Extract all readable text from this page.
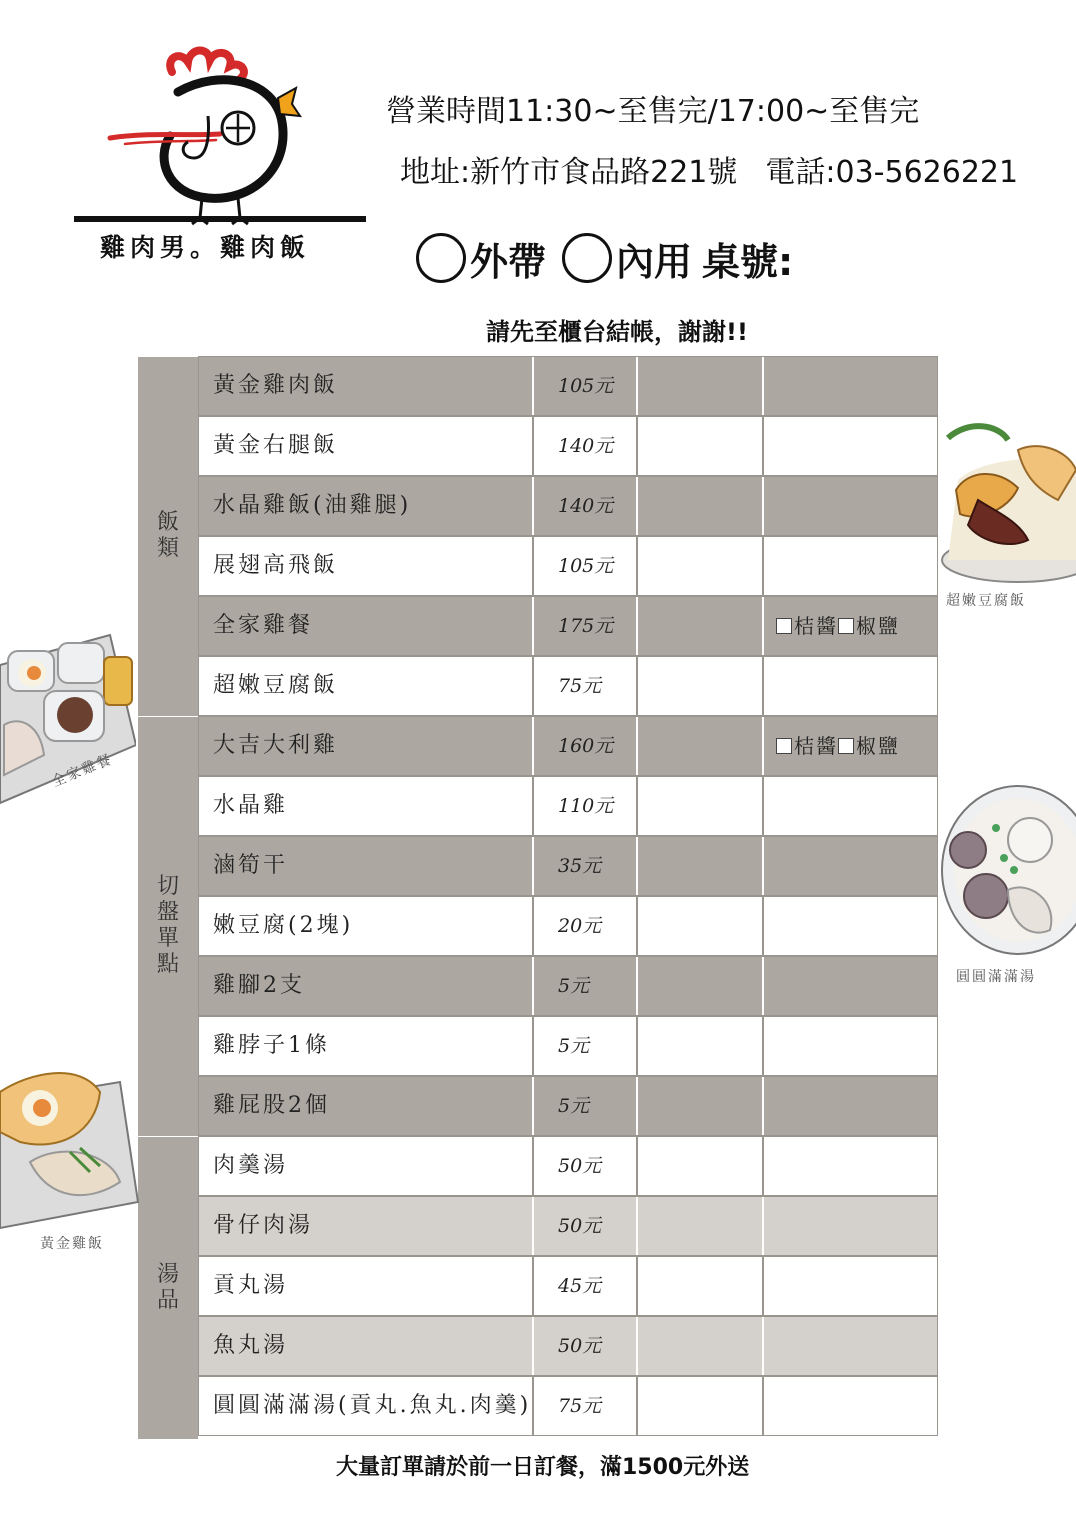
雞肉男。雞肉飯
營業時間11:30~至售完/17:00~至售完
地址:新竹市食品路221號 電話:03-5626221
外帶 內用 桌號:
請先至櫃台結帳，謝謝!!
飯
類
黃金雞肉飯	105元
黃金右腿飯	140元
水晶雞飯(油雞腿)	140元
展翅高飛飯	105元
全家雞餐	175元	桔醬 椒鹽
超嫩豆腐飯	75元
切
盤
單
點
大吉大利雞	160元	桔醬 椒鹽
水晶雞	110元
滷筍干	35元
嫩豆腐(2塊)	20元
雞腳2支	5元
雞脖子1條	5元
雞屁股2個	5元
湯
品
肉羹湯	50元
骨仔肉湯	50元
貢丸湯	45元
魚丸湯	50元
圓圓滿滿湯(貢丸.魚丸.肉羹)	75元
大量訂單請於前一日訂餐，滿1500元外送
超嫩豆腐飯
全家雞餐
圓圓滿滿湯
黃金雞飯
